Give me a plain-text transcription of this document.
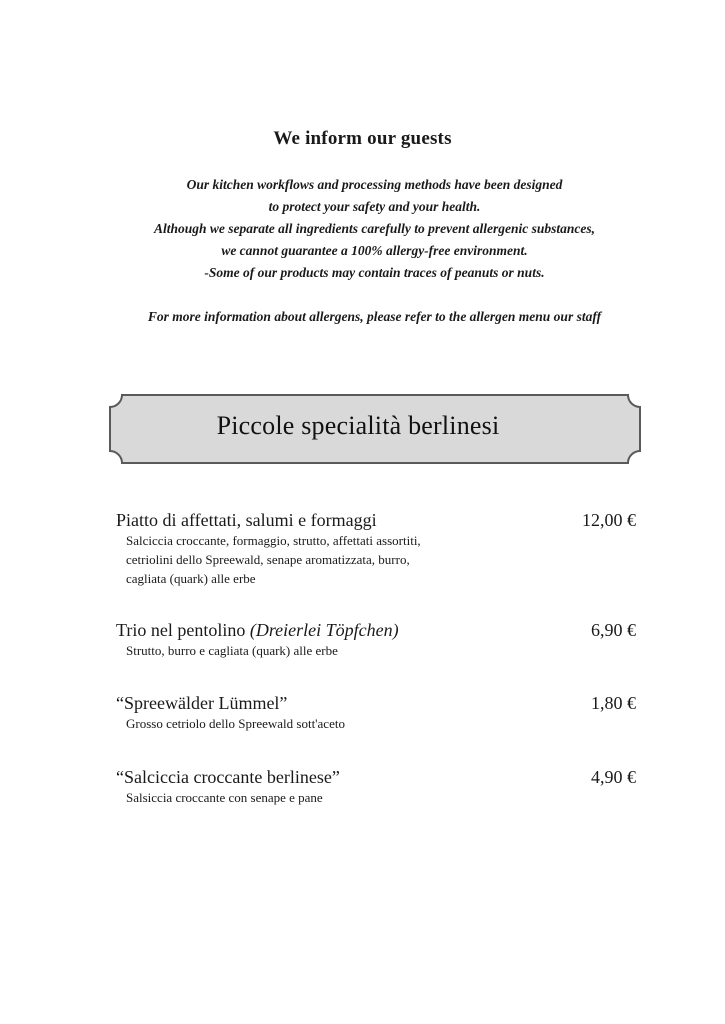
We inform our guests
Our kitchen workflows and processing methods have been designed
to protect your safety and your health.
Although we separate all ingredients carefully to prevent allergenic substances,
we cannot guarantee a 100% allergy-free environment.
-Some of our products may contain traces of peanuts or nuts.
For more information about allergens, please refer to the allergen menu our staff
Piccole specialità berlinesi
Piatto di affettati, salumi e formaggi	12,00 €
Salciccia croccante, formaggio, strutto, affettati assortiti,
cetriolini dello Spreewald, senape aromatizzata, burro,
cagliata (quark) alle erbe
Trio nel pentolino (Dreierlei Töpfchen)	6,90 €
Strutto, burro e cagliata (quark) alle erbe
“Spreewälder Lümmel”	1,80 €
Grosso cetriolo dello Spreewald sott'aceto
“Salciccia croccante berlinese”	4,90 €
Salsiccia croccante con senape e pane
